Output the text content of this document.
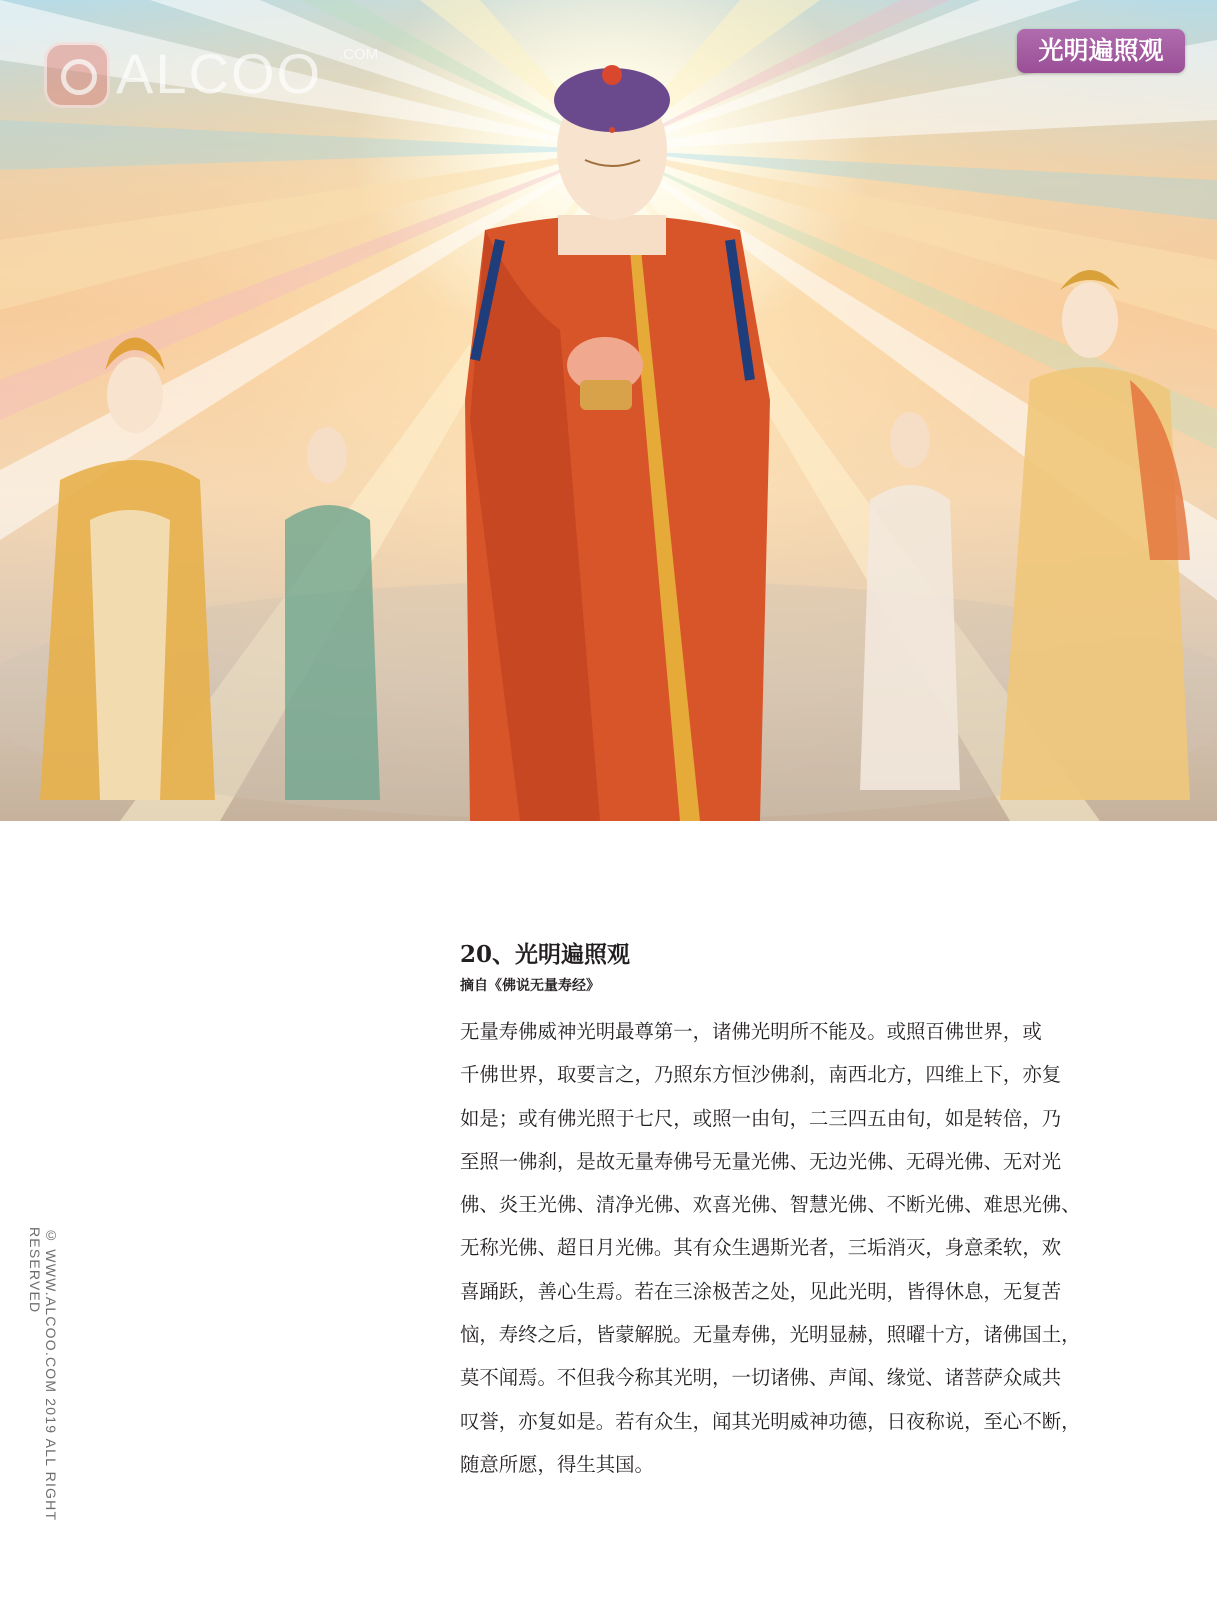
ALCOO .COM	光明遍照观
© WWW.ALCOO.COM 2019 ALL RIGHT RESERVED
20、光明遍照观

摘自《佛说无量寿经》

无量寿佛威神光明最尊第一，诸佛光明所不能及。或照百佛世界，或
千佛世界，取要言之，乃照东方恒沙佛刹，南西北方，四维上下，亦复
如是；或有佛光照于七尺，或照一由旬，二三四五由旬，如是转倍，乃
至照一佛刹，是故无量寿佛号无量光佛、无边光佛、无碍光佛、无对光
佛、炎王光佛、清净光佛、欢喜光佛、智慧光佛、不断光佛、难思光佛、
无称光佛、超日月光佛。其有众生遇斯光者，三垢消灭，身意柔软，欢
喜踊跃，善心生焉。若在三涂极苦之处，见此光明，皆得休息，无复苦
恼，寿终之后，皆蒙解脱。无量寿佛，光明显赫，照曜十方，诸佛国土，
莫不闻焉。不但我今称其光明，一切诸佛、声闻、缘觉、诸菩萨众咸共
叹誉，亦复如是。若有众生，闻其光明威神功德，日夜称说，至心不断，
随意所愿，得生其国。
